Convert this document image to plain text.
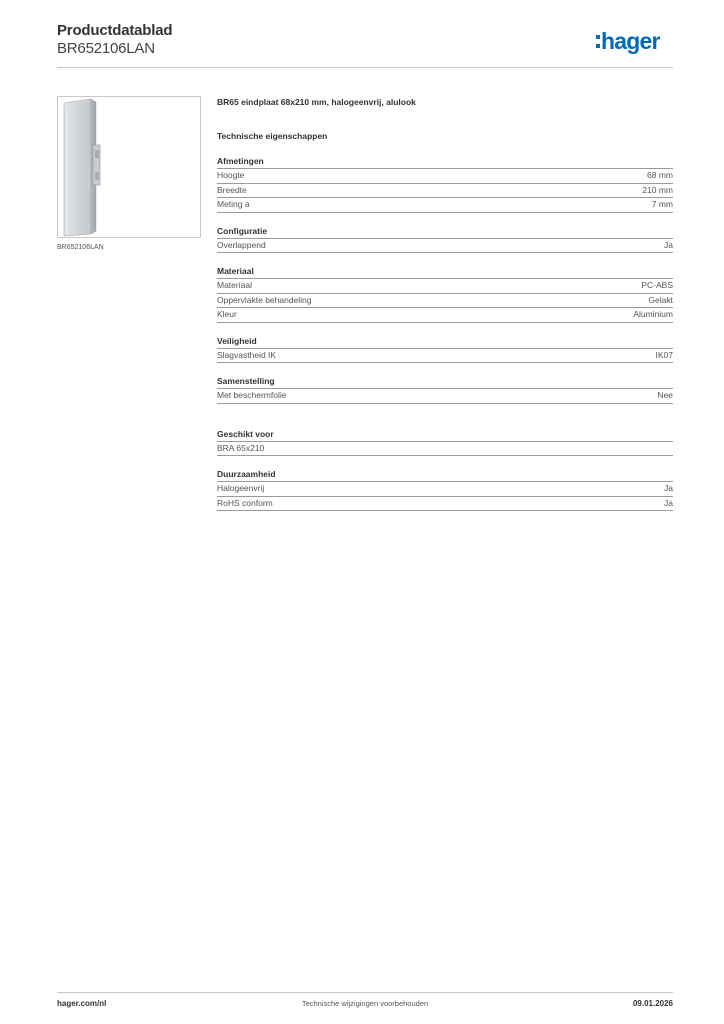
Productdatablad
BR652106LAN	hager
BR652106LAN
BR65 eindplaat 68x210 mm, halogeenvrij, alulook
Technische eigenschappen
Afmetingen
Hoogte	68 mm
Breedte	210 mm
Meting a	7 mm
Configuratie
Overlappend	Ja
Materiaal
Materiaal	PC-ABS
Oppervlakte behandeling	Gelakt
Kleur	Aluminium
Veiligheid
Slagvastheid IK	IK07
Samenstelling
Met beschermfolie	Nee
Geschikt voor
BRA 65x210
Duurzaamheid
Halogeenvrij	Ja
RoHS conform	Ja
hager.com/nl	Technische wijzigingen voorbehouden	09.01.2026
